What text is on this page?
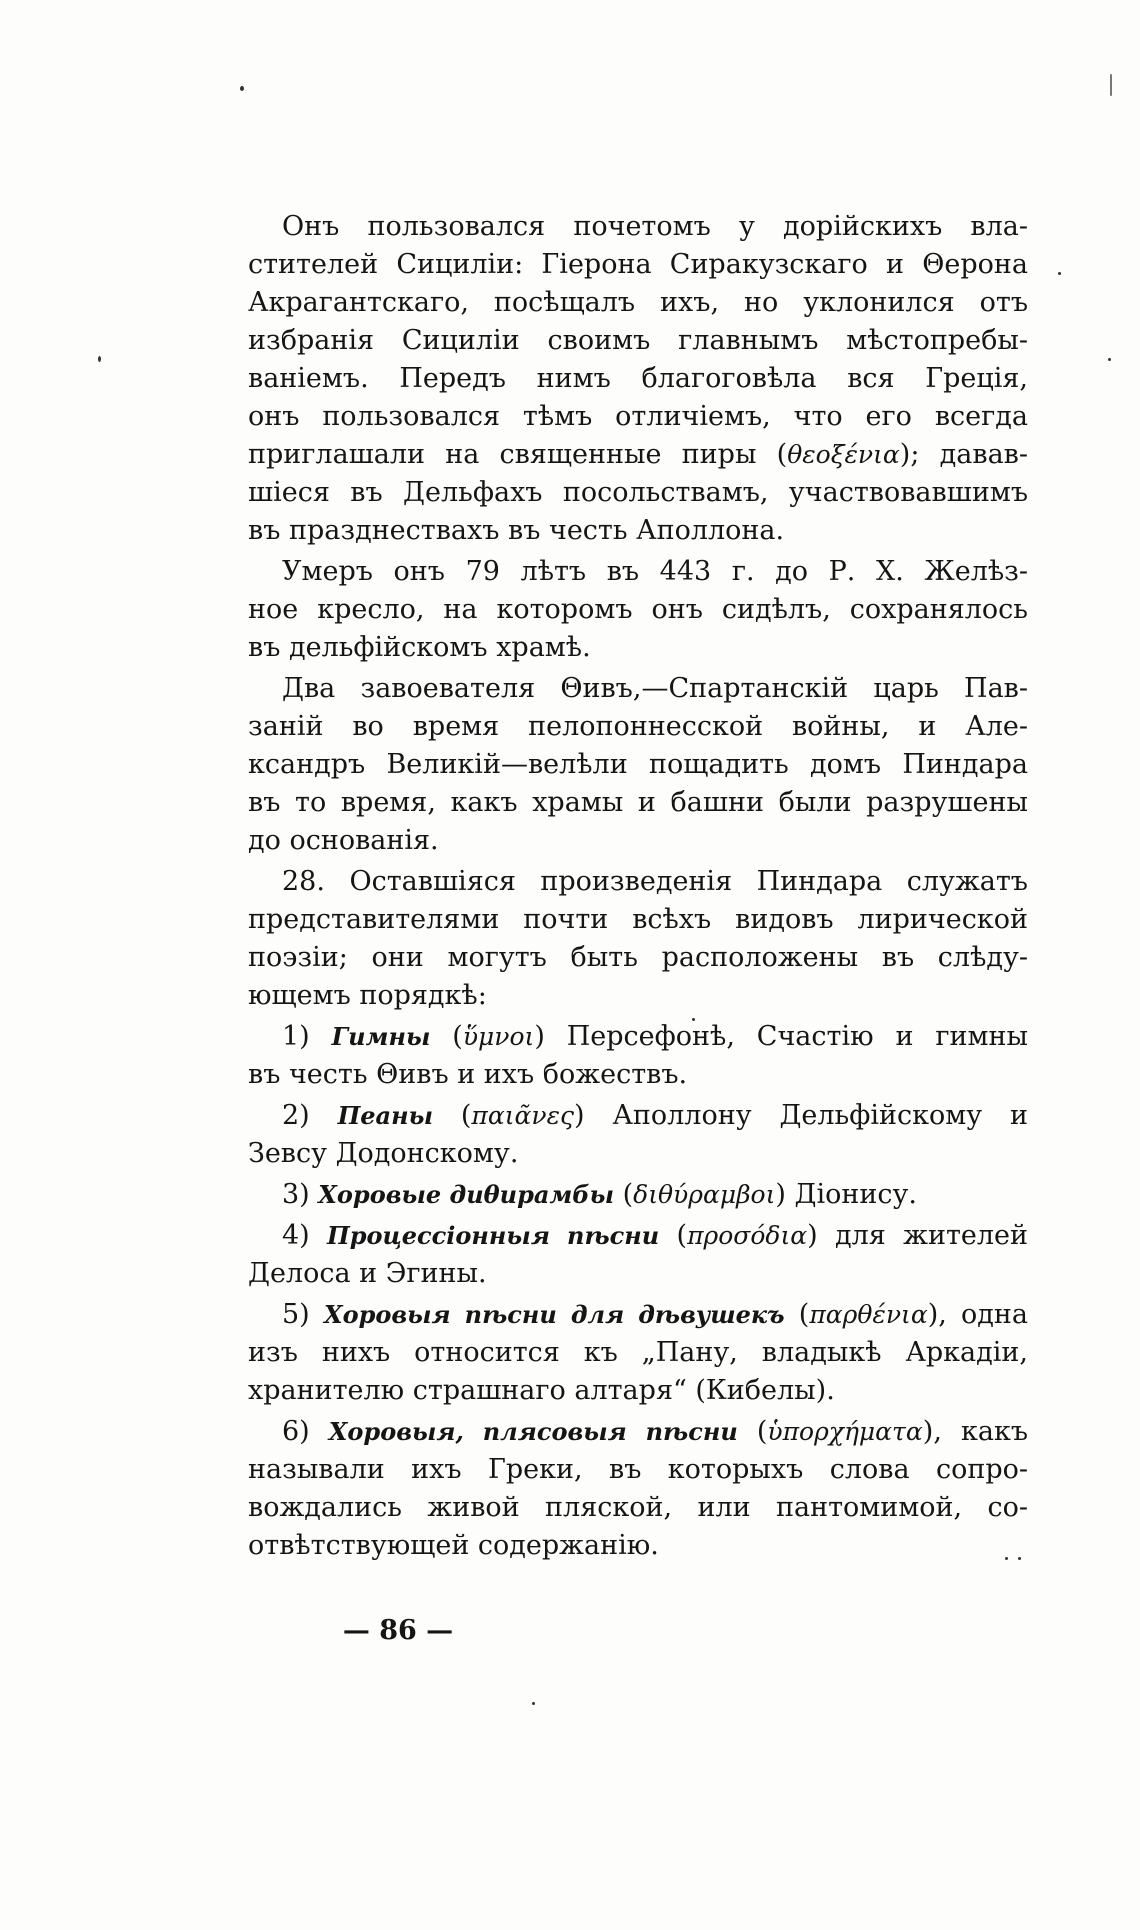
Онъ пользовался почетомъ у дорійскихъ вла-
стителей Сициліи: Гіерона Сиракузскаго и Θерона
Акрагантскаго, посѣщалъ ихъ, но уклонился отъ
избранія Сициліи своимъ главнымъ мѣстопребы-
ваніемъ. Передъ нимъ благоговѣла вся Греція,
онъ пользовался тѣмъ отличіемъ, что его всегда
приглашали на священные пиры (θεοξένια); давав-
шіеся въ Дельфахъ посольствамъ, участвовавшимъ
въ празднествахъ въ честь Аполлона.
Умеръ онъ 79 лѣтъ въ 443 г. до Р. Х. Желѣз-
ное кресло, на которомъ онъ сидѣлъ, сохранялось
въ дельфійскомъ храмѣ.
Два завоевателя Θивъ,—Спартанскій царь Пав-
заній во время пелопоннесской войны, и Але-
ксандръ Великій—велѣли пощадить домъ Пиндара
въ то время, какъ храмы и башни были разрушены
до основанія.
28. Оставшіяся произведенія Пиндара служатъ
представителями почти всѣхъ видовъ лирической
поэзіи; они могутъ быть расположены въ слѣду-
ющемъ порядкѣ:
1) Гимны (ὕμνοι) Персефонѣ, Счастію и гимны
въ честь Θивъ и ихъ божествъ.
2) Пеаны (παιᾶνες) Аполлону Дельфійскому и
Зевсу Додонскому.
3) Хоровые диθирамбы (διθύραμβοι) Діонису.
4) Процессіонныя пѣсни (προσόδια) для жителей
Делоса и Эгины.
5) Хоровыя пѣсни для дѣвушекъ (παρθένια), одна
изъ нихъ относится къ „Пану, владыкѣ Аркадіи,
хранителю страшнаго алтаря“ (Кибелы).
6) Хоровыя, плясовыя пѣсни (ὑπορχήματα), какъ
называли ихъ Греки, въ которыхъ слова сопро-
вождались живой пляской, или пантомимой, со-
отвѣтствующей содержанію.
— 86 —
